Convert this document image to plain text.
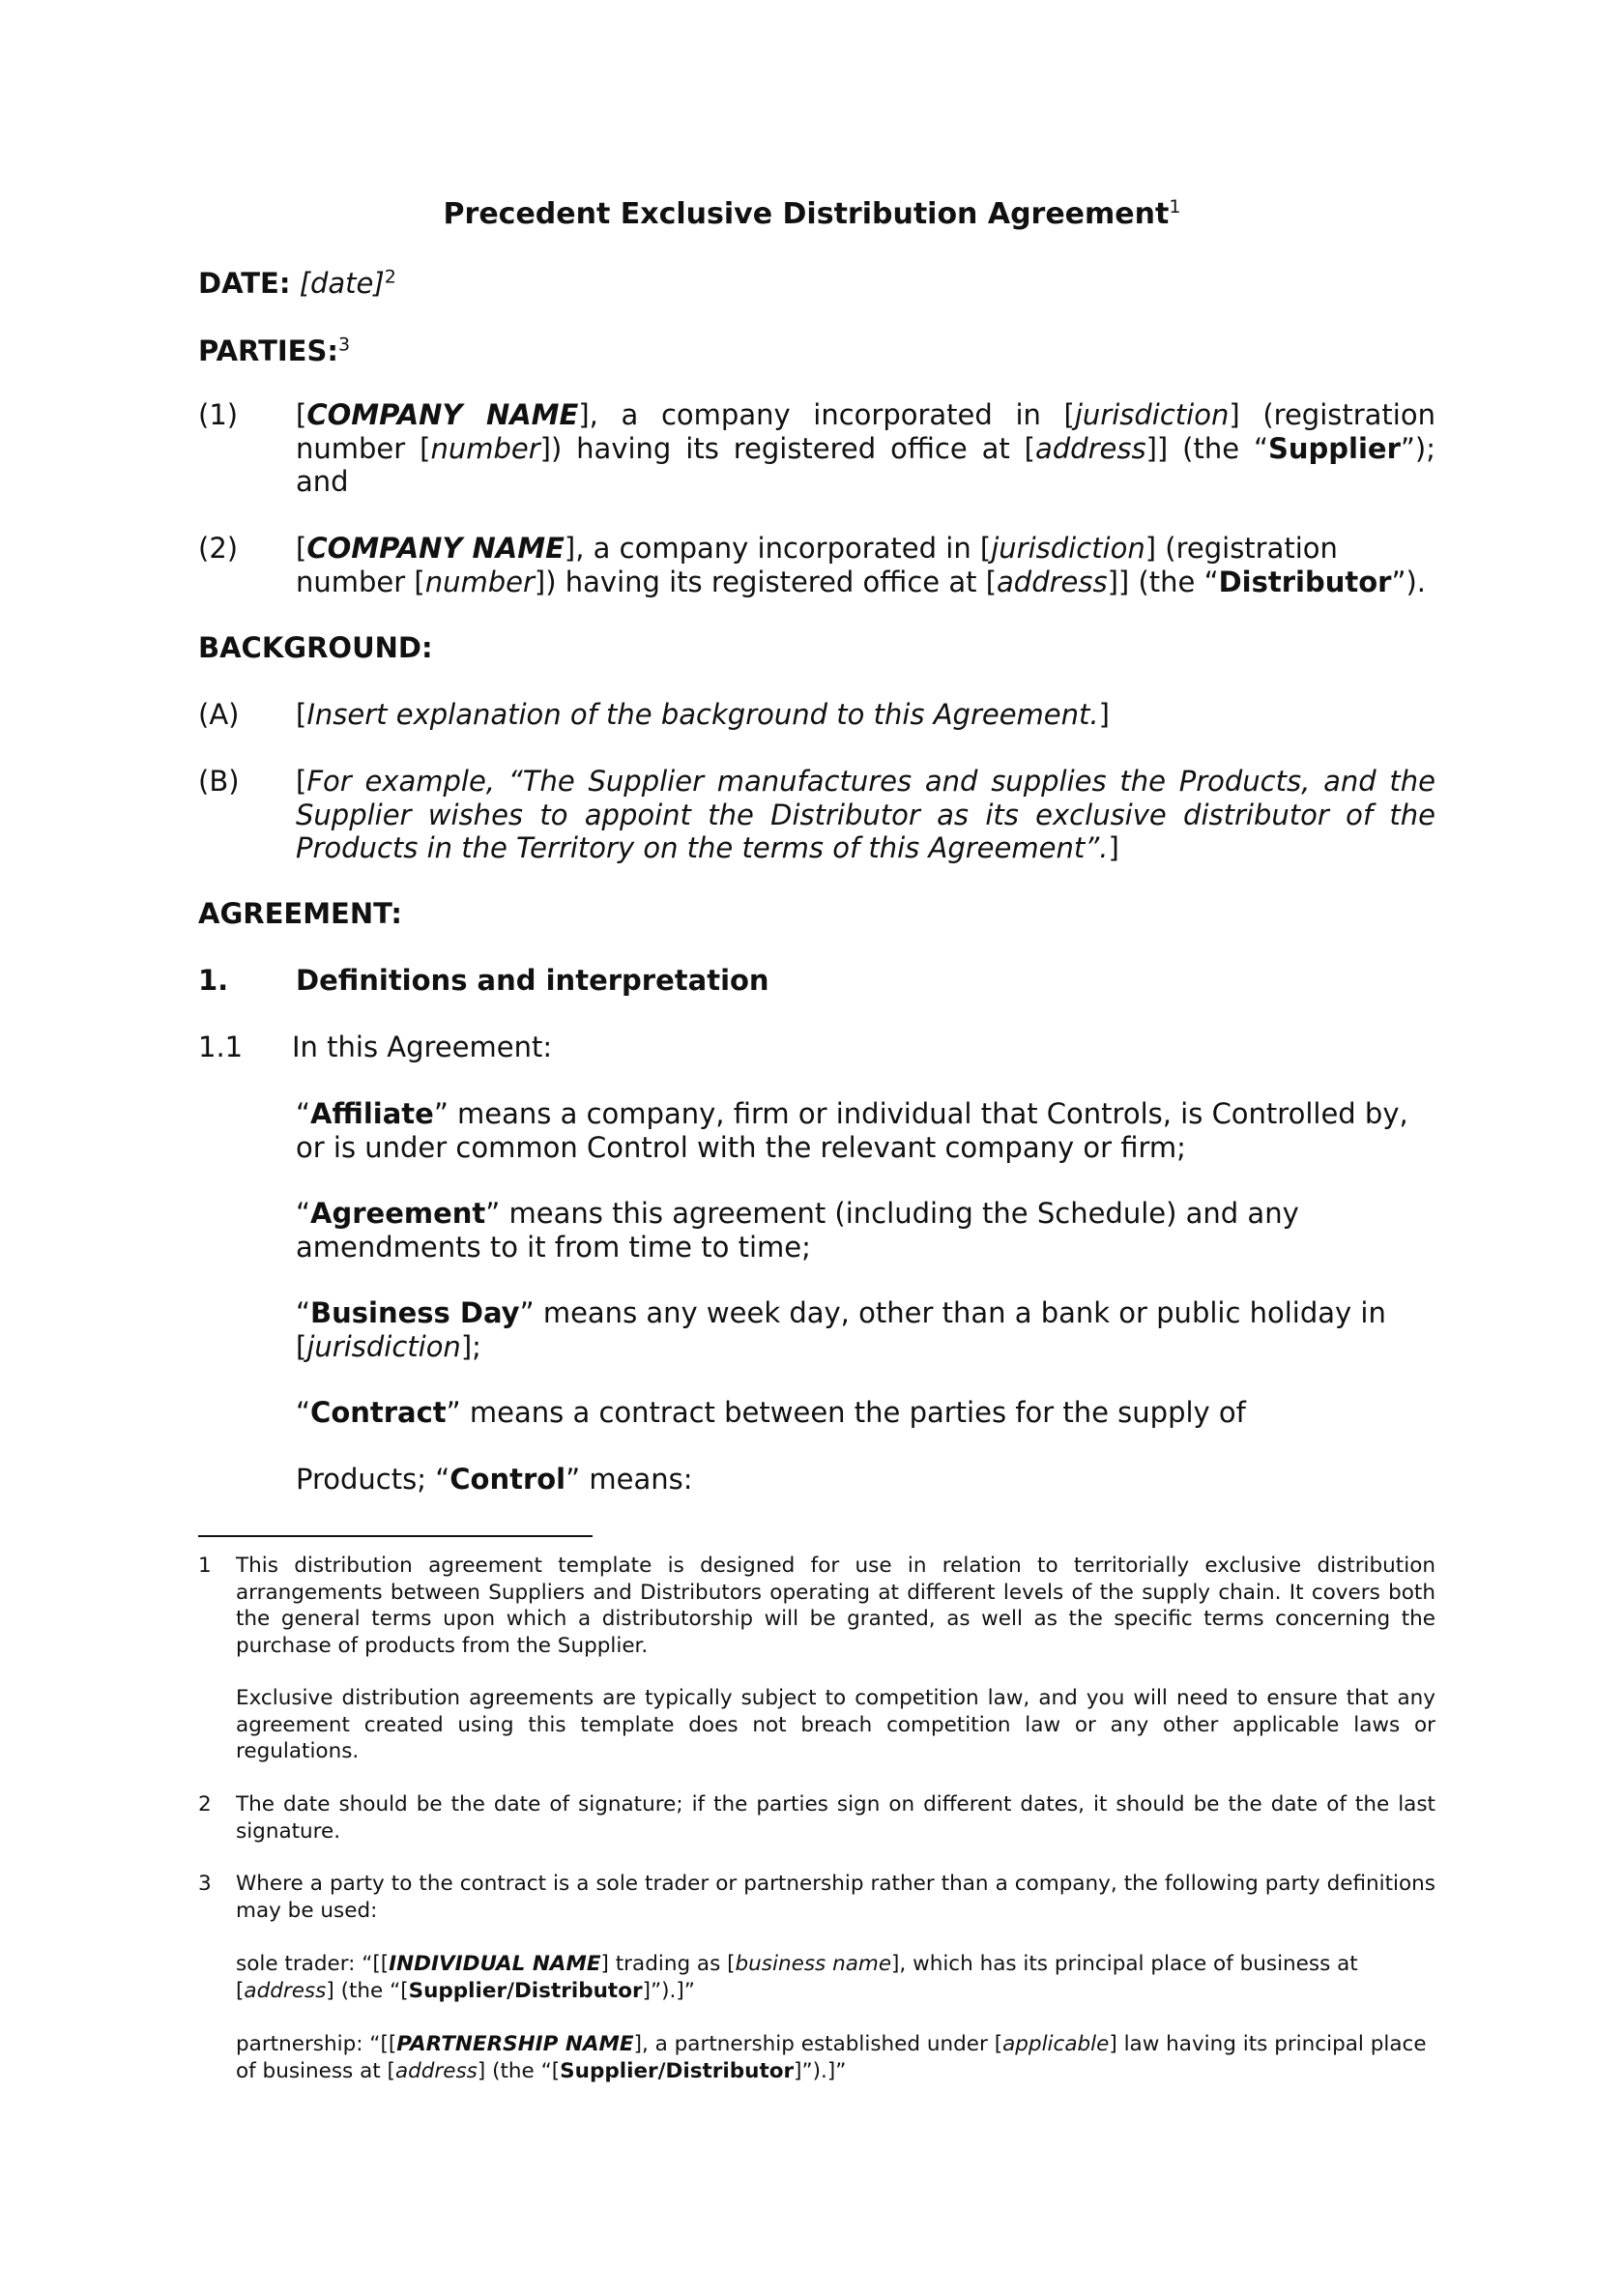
Precedent Exclusive Distribution Agreement$^1$
DATE: [date]$^2$
PARTIES:$^3$
(1) [COMPANY NAME], a company incorporated in [jurisdiction] (registration number [number]) having its registered office at [address]] (the “Supplier”); and
(2) [COMPANY NAME], a company incorporated in [jurisdiction] (registration number [number]) having its registered office at [address]] (the “Distributor”).
BACKGROUND:
(A) [Insert explanation of the background to this Agreement.]
(B) [For example, “The Supplier manufactures and supplies the Products, and the Supplier wishes to appoint the Distributor as its exclusive distributor of the Products in the Territory on the terms of this Agreement”.]
AGREEMENT:
1. Definitions and interpretation
1.1 In this Agreement:
“Affiliate” means a company, firm or individual that Controls, is Controlled by, or is under common Control with the relevant company or firm;
“Agreement” means this agreement (including the Schedule) and any amendments to it from time to time;
“Business Day” means any week day, other than a bank or public holiday in [jurisdiction];
“Contract” means a contract between the parties for the supply of
Products; “Control” means:
1 This distribution agreement template is designed for use in relation to territorially exclusive distribution arrangements between Suppliers and Distributors operating at different levels of the supply chain. It covers both the general terms upon which a distributorship will be granted, as well as the specific terms concerning the purchase of products from the Supplier.
Exclusive distribution agreements are typically subject to competition law, and you will need to ensure that any agreement created using this template does not breach competition law or any other applicable laws or regulations.
2 The date should be the date of signature; if the parties sign on different dates, it should be the date of the last signature.
3 Where a party to the contract is a sole trader or partnership rather than a company, the following party definitions may be used:
sole trader: “[[INDIVIDUAL NAME] trading as [business name], which has its principal place of business at [address] (the “[Supplier/Distributor]”).]”
partnership: “[[PARTNERSHIP NAME], a partnership established under [applicable] law having its principal place of business at [address] (the “[Supplier/Distributor]”).]”
